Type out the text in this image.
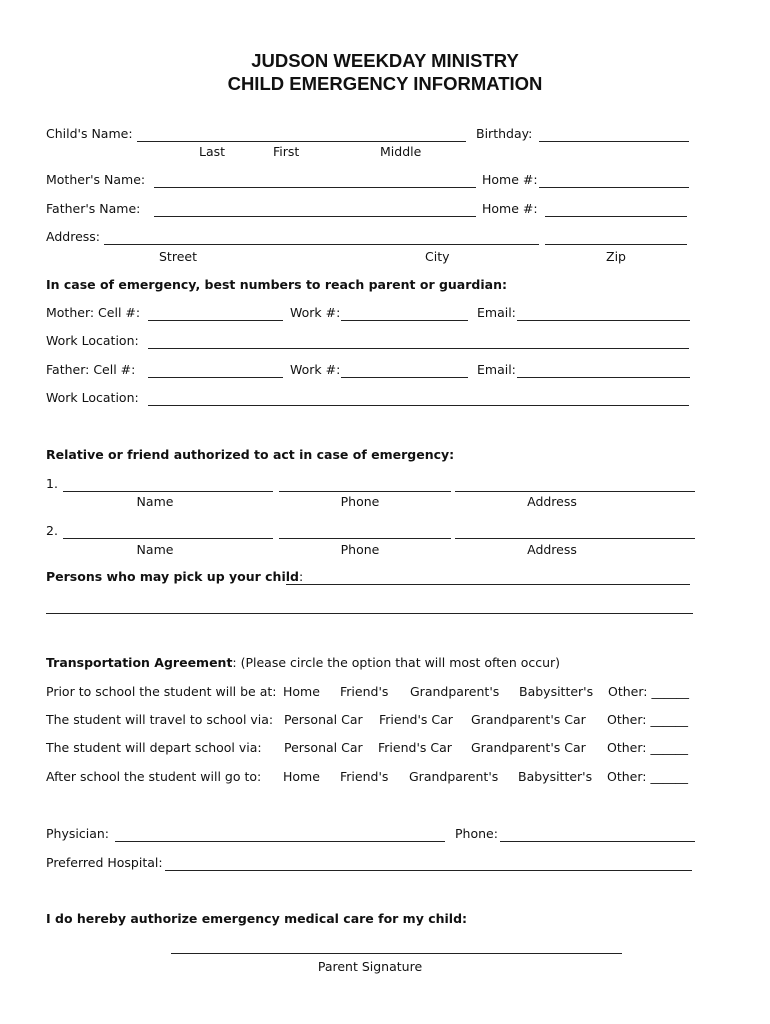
JUDSON WEEKDAY MINISTRY
CHILD EMERGENCY INFORMATION
Child's Name:	Birthday:
Last	First	Middle
Mother's Name:	Home #:
Father's Name:	Home #:
Address:
Street	City	Zip
In case of emergency, best numbers to reach parent or guardian:
Mother: Cell #:	Work #:	Email:
Work Location:
Father: Cell #:	Work #:	Email:
Work Location:
Relative or friend authorized to act in case of emergency:
1.
Name	Phone	Address
2.
Name	Phone	Address
Persons who may pick up your child:
Transportation Agreement: (Please circle the option that will most often occur)
Prior to school the student will be at: Home Friend's Grandparent's Babysitter's Other: ______
The student will travel to school via: Personal Car Friend's Car Grandparent's Car Other: ______
The student will depart school via: Personal Car Friend's Car Grandparent's Car Other: ______
After school the student will go to: Home Friend's Grandparent's Babysitter's Other: ______
Physician:	Phone:
Preferred Hospital:
I do hereby authorize emergency medical care for my child:
Parent Signature
